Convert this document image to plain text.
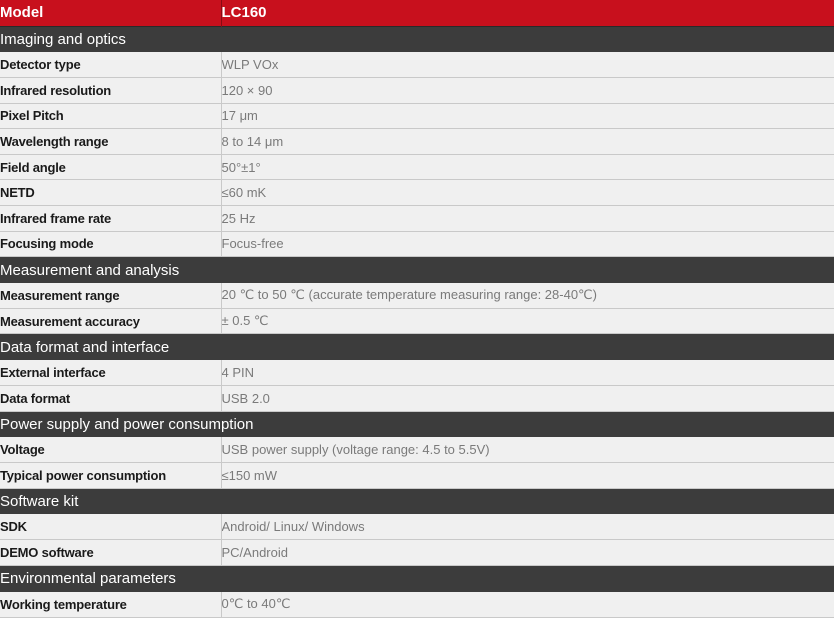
Model	LC160
Imaging and optics	
Detector type	WLP VOx
Infrared resolution	120 × 90
Pixel Pitch	17 μm
Wavelength range	8 to 14 μm
Field angle	50°±1°
NETD	≤60 mK
Infrared frame rate	25 Hz
Focusing mode	Focus-free
Measurement and analysis	
Measurement range	20 ℃ to 50 ℃ (accurate temperature measuring range: 28-40℃)
Measurement accuracy	± 0.5 ℃
Data format and interface	
External interface	4 PIN
Data format	USB 2.0
Power supply and power consumption	
Voltage	USB power supply (voltage range: 4.5 to 5.5V)
Typical power consumption	≤150 mW
Software kit	
SDK	Android/ Linux/ Windows
DEMO software	PC/Android
Environmental parameters	
Working temperature	0℃ to 40℃
